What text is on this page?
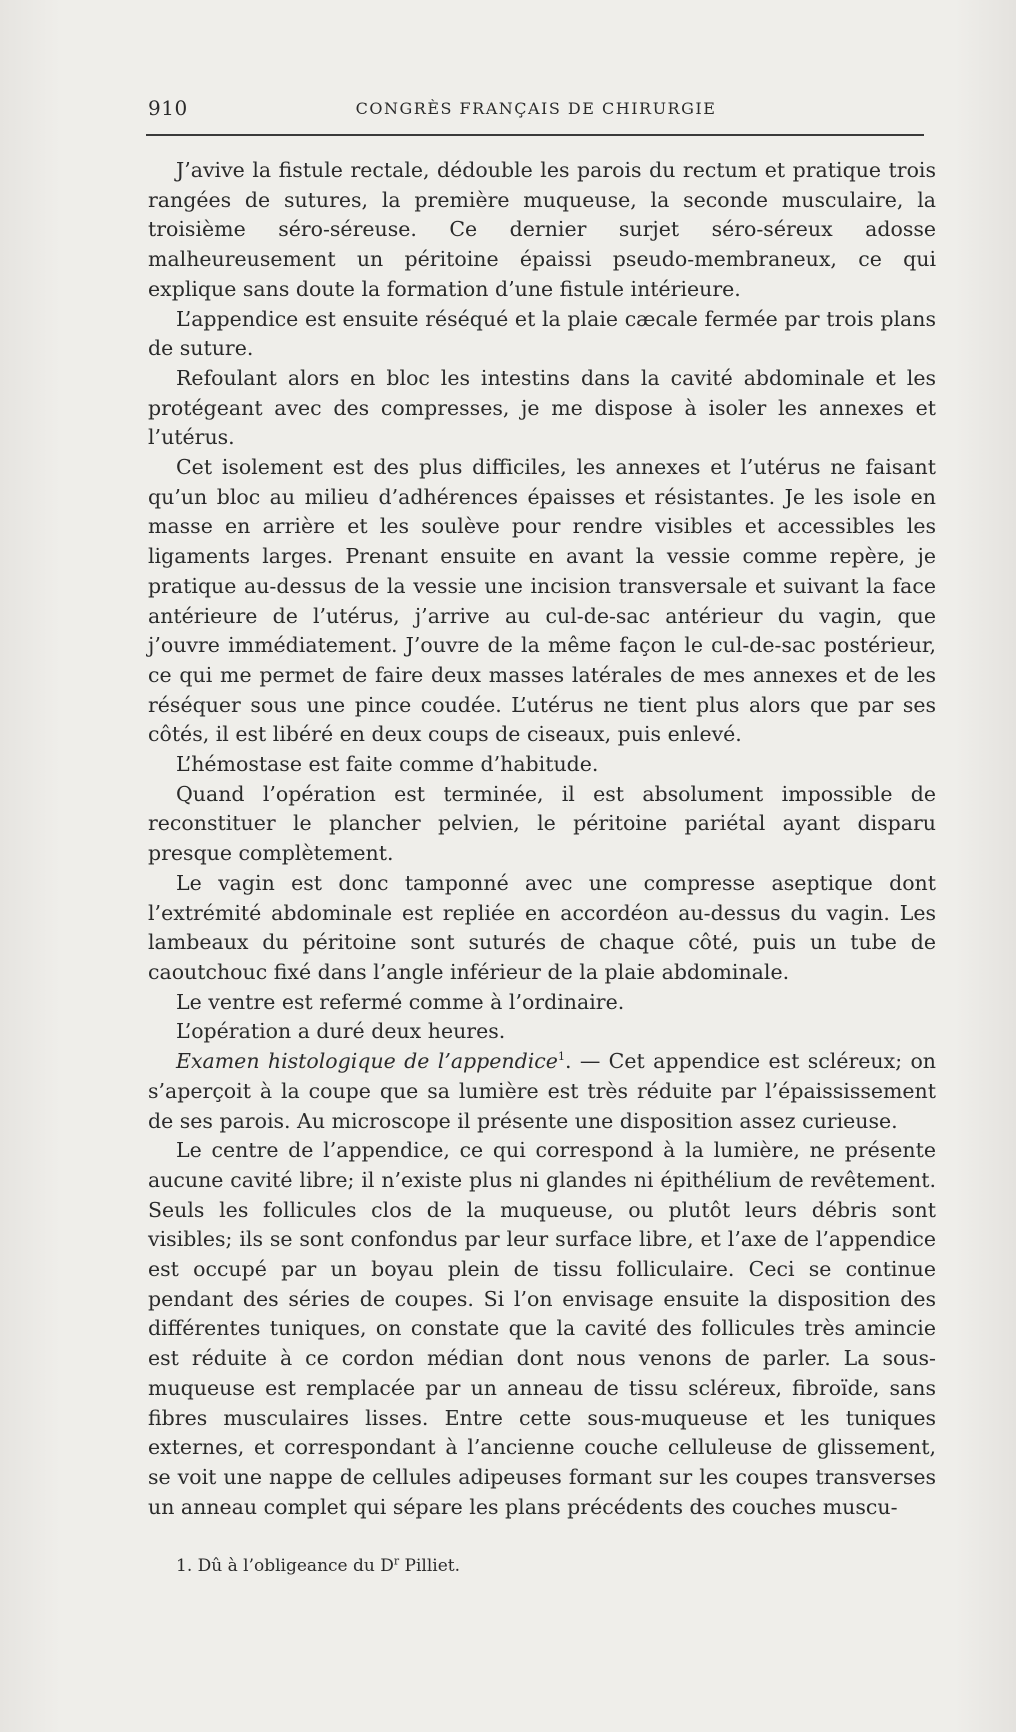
910	CONGRÈS FRANÇAIS DE CHIRURGIE

J’avive la fistule rectale, dédouble les parois du rectum et pratique trois rangées de sutures, la première muqueuse, la seconde musculaire, la troisième séro-séreuse. Ce dernier surjet séro-séreux adosse malheureusement un péritoine épaissi pseudo-membraneux, ce qui explique sans doute la formation d’une fistule intérieure.

L’appendice est ensuite réséqué et la plaie cæcale fermée par trois plans de suture.

Refoulant alors en bloc les intestins dans la cavité abdominale et les protégeant avec des compresses, je me dispose à isoler les annexes et l’utérus.

Cet isolement est des plus difficiles, les annexes et l’utérus ne faisant qu’un bloc au milieu d’adhérences épaisses et résistantes. Je les isole en masse en arrière et les soulève pour rendre visibles et accessibles les ligaments larges. Prenant ensuite en avant la vessie comme repère, je pratique au-dessus de la vessie une incision transversale et suivant la face antérieure de l’utérus, j’arrive au cul-de-sac antérieur du vagin, que j’ouvre immédiatement. J’ouvre de la même façon le cul-de-sac postérieur, ce qui me permet de faire deux masses latérales de mes annexes et de les réséquer sous une pince coudée. L’utérus ne tient plus alors que par ses côtés, il est libéré en deux coups de ciseaux, puis enlevé.

L’hémostase est faite comme d’habitude.

Quand l’opération est terminée, il est absolument impossible de reconstituer le plancher pelvien, le péritoine pariétal ayant disparu presque complètement.

Le vagin est donc tamponné avec une compresse aseptique dont l’extrémité abdominale est repliée en accordéon au-dessus du vagin. Les lambeaux du péritoine sont suturés de chaque côté, puis un tube de caoutchouc fixé dans l’angle inférieur de la plaie abdominale.

Le ventre est refermé comme à l’ordinaire.

L’opération a duré deux heures.

Examen histologique de l’appendice$^1$. — Cet appendice est scléreux; on s’aperçoit à la coupe que sa lumière est très réduite par l’épaississement de ses parois. Au microscope il présente une disposition assez curieuse.

Le centre de l’appendice, ce qui correspond à la lumière, ne présente aucune cavité libre; il n’existe plus ni glandes ni épithélium de revêtement. Seuls les follicules clos de la muqueuse, ou plutôt leurs débris sont visibles; ils se sont confondus par leur surface libre, et l’axe de l’appendice est occupé par un boyau plein de tissu folliculaire. Ceci se continue pendant des séries de coupes. Si l’on envisage ensuite la disposition des différentes tuniques, on constate que la cavité des follicules très amincie est réduite à ce cordon médian dont nous venons de parler. La sous-muqueuse est remplacée par un anneau de tissu scléreux, fibroïde, sans fibres musculaires lisses. Entre cette sous-muqueuse et les tuniques externes, et correspondant à l’ancienne couche celluleuse de glissement, se voit une nappe de cellules adipeuses formant sur les coupes transverses un anneau complet qui sépare les plans précédents des couches muscu-

1. Dû à l’obligeance du $D^r$ Pilliet.
